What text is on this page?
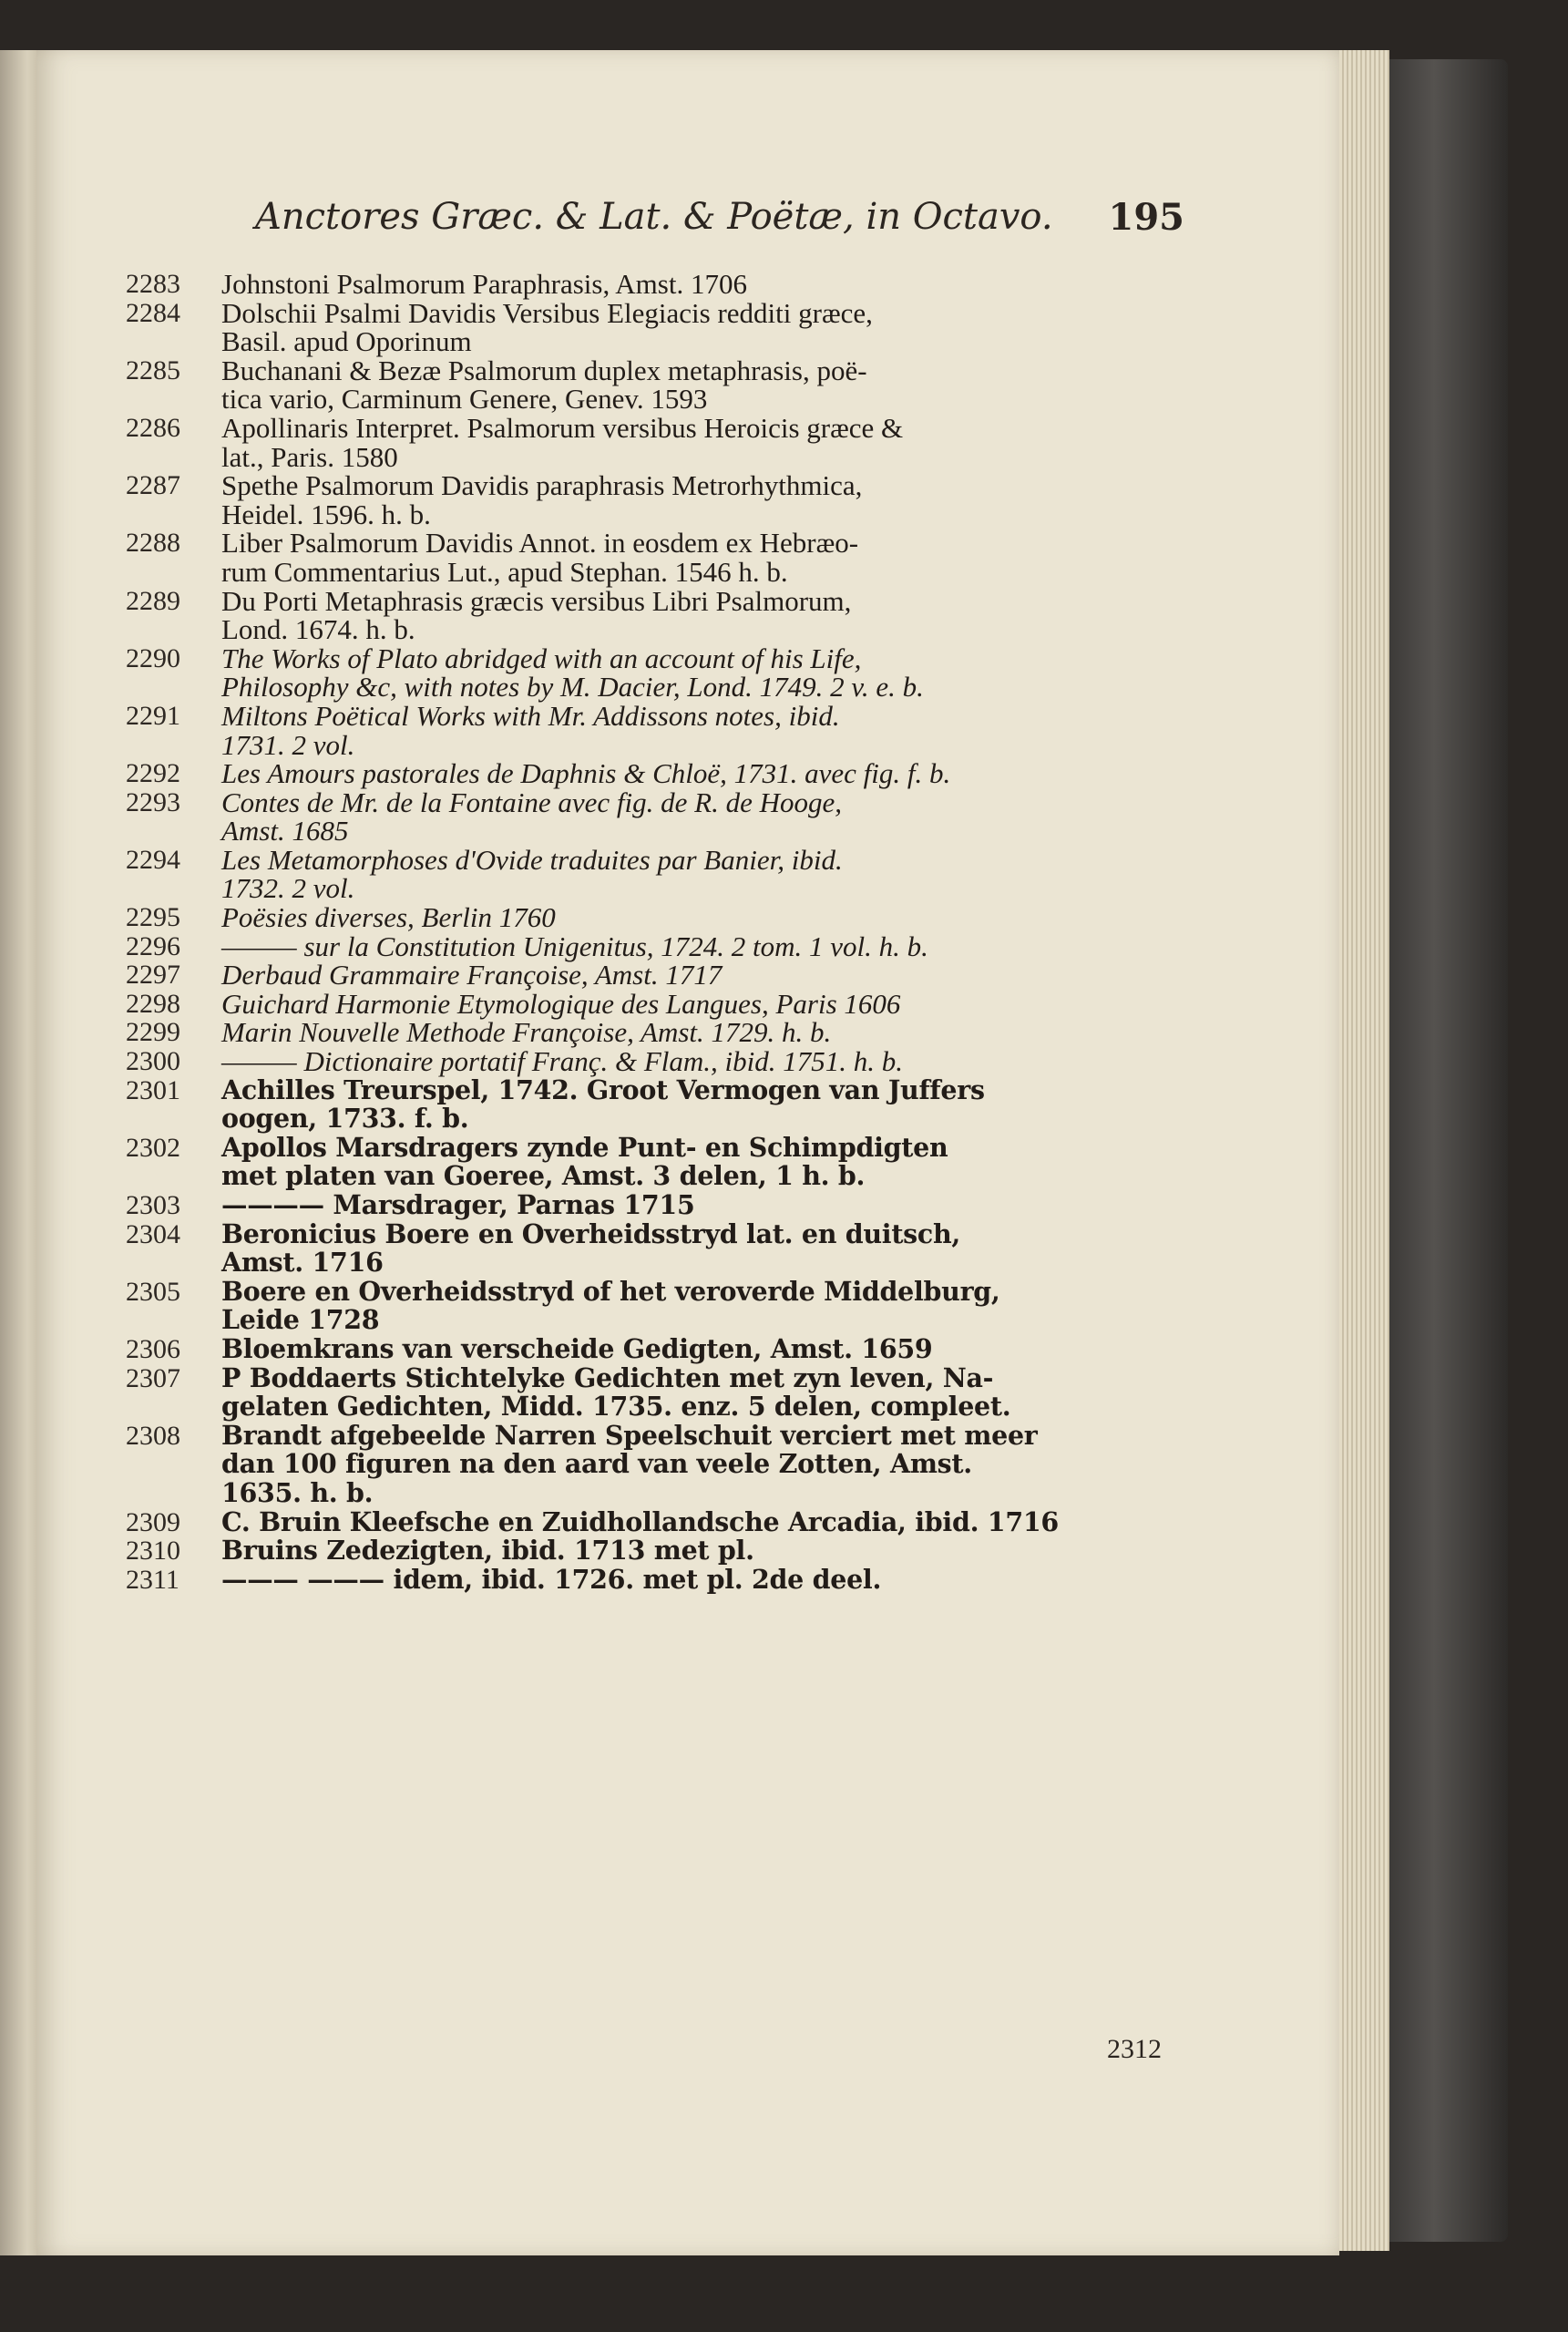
Anctores Græc. & Lat. & Poëtæ, in Octavo. 195
2283	Johnstoni Psalmorum Paraphrasis, Amst. 1706
2284	Dolschii Psalmi Davidis Versibus Elegiacis redditi græce,
Basil. apud Oporinum
2285	Buchanani & Bezæ Psalmorum duplex metaphrasis, poë-
tica vario, Carminum Genere, Genev. 1593
2286	Apollinaris Interpret. Psalmorum versibus Heroicis græce &
lat., Paris. 1580
2287	Spethe Psalmorum Davidis paraphrasis Metrorhythmica,
Heidel. 1596. h. b.
2288	Liber Psalmorum Davidis Annot. in eosdem ex Hebræo-
rum Commentarius Lut., apud Stephan. 1546 h. b.
2289	Du Porti Metaphrasis græcis versibus Libri Psalmorum,
Lond. 1674. h. b.
2290	The Works of Plato abridged with an account of his Life,
Philosophy &c, with notes by M. Dacier, Lond. 1749. 2 v. e. b.
2291	Miltons Poëtical Works with Mr. Addissons notes, ibid.
1731. 2 vol.
2292	Les Amours pastorales de Daphnis & Chloë, 1731. avec fig. f. b.
2293	Contes de Mr. de la Fontaine avec fig. de R. de Hooge,
Amst. 1685
2294	Les Metamorphoses d'Ovide traduites par Banier, ibid.
1732. 2 vol.
2295	Poësies diverses, Berlin 1760
2296	——— sur la Constitution Unigenitus, 1724. 2 tom. 1 vol. h. b.
2297	Derbaud Grammaire Françoise, Amst. 1717
2298	Guichard Harmonie Etymologique des Langues, Paris 1606
2299	Marin Nouvelle Methode Françoise, Amst. 1729. h. b.
2300	——— Dictionaire portatif Franç. & Flam., ibid. 1751. h. b.
2301	Achilles Treurspel, 1742. Groot Vermogen van Juffers
oogen, 1733. f. b.
2302	Apollos Marsdragers zynde Punt- en Schimpdigten
met platen van Goeree, Amst. 3 delen, 1 h. b.
2303	———— Marsdrager, Parnas 1715
2304	Beronicius Boere en Overheidsstryd lat. en duitsch,
Amst. 1716
2305	Boere en Overheidsstryd of het veroverde Middelburg,
Leide 1728
2306	Bloemkrans van verscheide Gedigten, Amst. 1659
2307	P Boddaerts Stichtelyke Gedichten met zyn leven, Na-
gelaten Gedichten, Midd. 1735. enz. 5 delen, compleet.
2308	Brandt afgebeelde Narren Speelschuit verciert met meer
dan 100 figuren na den aard van veele Zotten, Amst.
1635. h. b.
2309	C. Bruin Kleefsche en Zuidhollandsche Arcadia, ibid. 1716
2310	Bruins Zedezigten, ibid. 1713 met pl.
2311	——— ——— idem, ibid. 1726. met pl. 2de deel.
2312
